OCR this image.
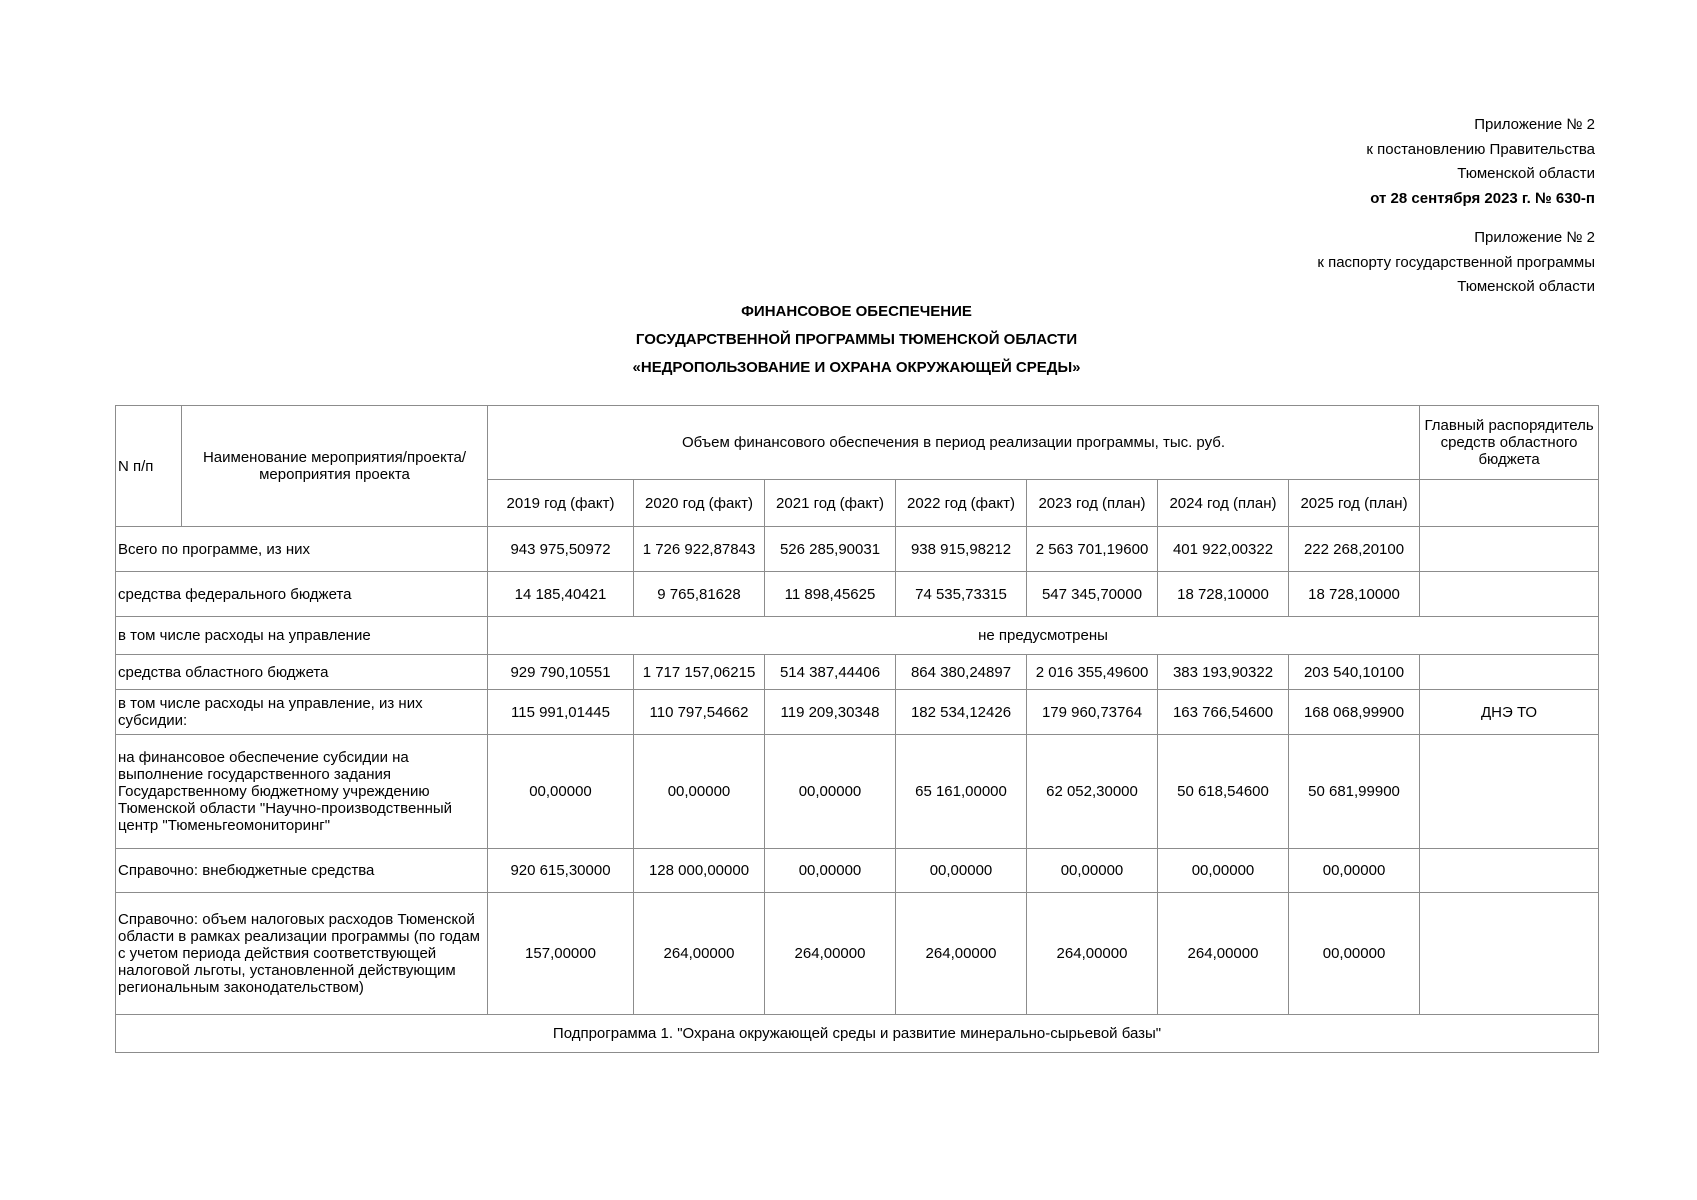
Приложение № 2
к постановлению Правительства
Тюменской области
от 28 сентября 2023 г. № 630-п
Приложение № 2
к паспорту государственной программы
Тюменской области
ФИНАНСОВОЕ ОБЕСПЕЧЕНИЕ
ГОСУДАРСТВЕННОЙ ПРОГРАММЫ ТЮМЕНСКОЙ ОБЛАСТИ
«НЕДРОПОЛЬЗОВАНИЕ И ОХРАНА ОКРУЖАЮЩЕЙ СРЕДЫ»
N п/п	Наименование мероприятия/проекта/мероприятия проекта	Объем финансового обеспечения в период реализации программы, тыс. руб.							Главный распорядитель средств областного бюджета
		2019 год (факт)	2020 год (факт)	2021 год (факт)	2022 год (факт)	2023 год (план)	2024 год (план)	2025 год (план)	
Всего по программе, из них		943 975,50972	1 726 922,87843	526 285,90031	938 915,98212	2 563 701,19600	401 922,00322	222 268,20100	
средства федерального бюджета		14 185,40421	9 765,81628	11 898,45625	74 535,73315	547 345,70000	18 728,10000	18 728,10000	
в том числе расходы на управление		не предусмотрены							
средства областного бюджета		929 790,10551	1 717 157,06215	514 387,44406	864 380,24897	2 016 355,49600	383 193,90322	203 540,10100	
в том числе расходы на управление, из них субсидии:		115 991,01445	110 797,54662	119 209,30348	182 534,12426	179 960,73764	163 766,54600	168 068,99900	ДНЭ ТО
на финансовое обеспечение субсидии на выполнение государственного задания Государственному бюджетному учреждению Тюменской области "Научно-производственный центр "Тюменьгеомониторинг"		00,00000	00,00000	00,00000	65 161,00000	62 052,30000	50 618,54600	50 681,99900	
Справочно: внебюджетные средства		920 615,30000	128 000,00000	00,00000	00,00000	00,00000	00,00000	00,00000	
Справочно: объем налоговых расходов Тюменской области в рамках реализации программы (по годам с учетом периода действия соответствующей налоговой льготы, установленной действующим региональным законодательством)		157,00000	264,00000	264,00000	264,00000	264,00000	264,00000	00,00000	
Подпрограмма 1. "Охрана окружающей среды и развитие минерально-сырьевой базы"									
